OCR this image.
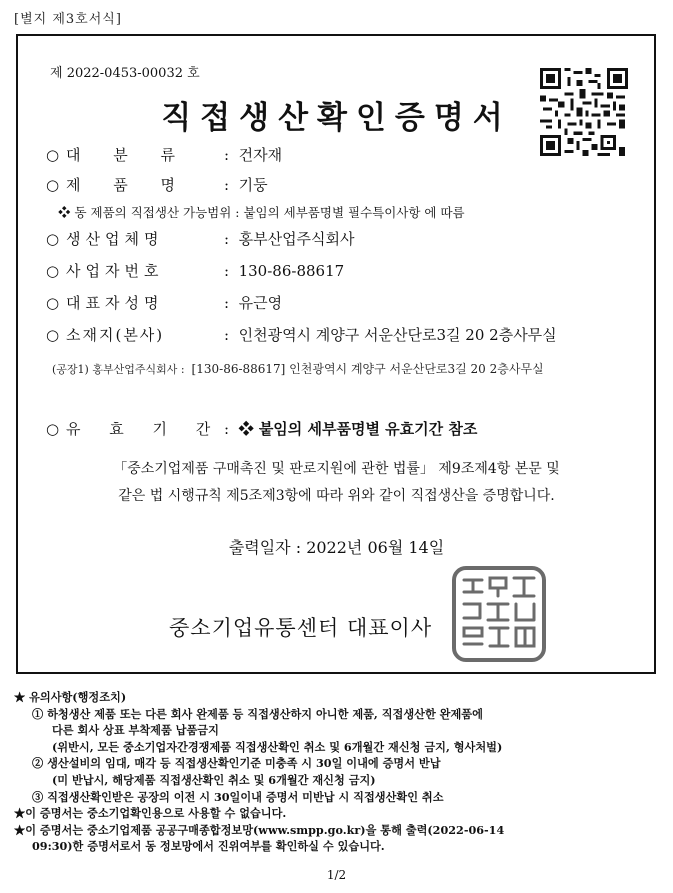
[별지 제3호서식]
제 2022-0453-00032 호
직접생산확인증명서
○ 대 분 류 :  건자재
○ 제 품 명 :  기둥
❖ 동 제품의 직접생산 가능범위 : 붙임의 세부품명별 필수특이사항 에 따름
○ 생산업체명	:  홍부산업주식회사
○ 사업자번호	:  130-86-88617
○ 대표자성명	:  유근영
○ 소재지(본사)	:  인천광역시 계양구 서운산단로3길 20 2층사무실
(공장1) 홍부산업주식회사 : [130-86-88617] 인천광역시 계양구 서운산단로3길 20 2층사무실
○ 유 효 기 간 :  ❖ 붙임의 세부품명별 유효기간 참조
「중소기업제품 구매촉진 및 판로지원에 관한 법률」 제9조제4항 본문 및
같은 법 시행규칙 제5조제3항에 따라 위와 같이 직접생산을 증명합니다.
출력일자 : 2022년 06월 14일
중소기업유통센터 대표이사
★ 유의사항(행정조치)
① 하청생산 제품 또는 다른 회사 완제품 등 직접생산하지 아니한 제품, 직접생산한 완제품에
다른 회사 상표 부착제품 납품금지
(위반시, 모든 중소기업자간경쟁제품 직접생산확인 취소 및 6개월간 재신청 금지, 형사처벌)
② 생산설비의 임대, 매각 등 직접생산확인기준 미충족 시 30일 이내에 증명서 반납
(미 반납시, 해당제품 직접생산확인 취소 및 6개월간 재신청 금지)
③ 직접생산확인받은 공장의 이전 시 30일이내 증명서 미반납 시 직접생산확인 취소
★이 증명서는 중소기업확인용으로 사용할 수 없습니다.
★이 증명서는 중소기업제품 공공구매종합정보망(www.smpp.go.kr)을 통해 출력(2022-06-14
09:30)한 증명서로서 동 정보망에서 진위여부를 확인하실 수 있습니다.
1/2
